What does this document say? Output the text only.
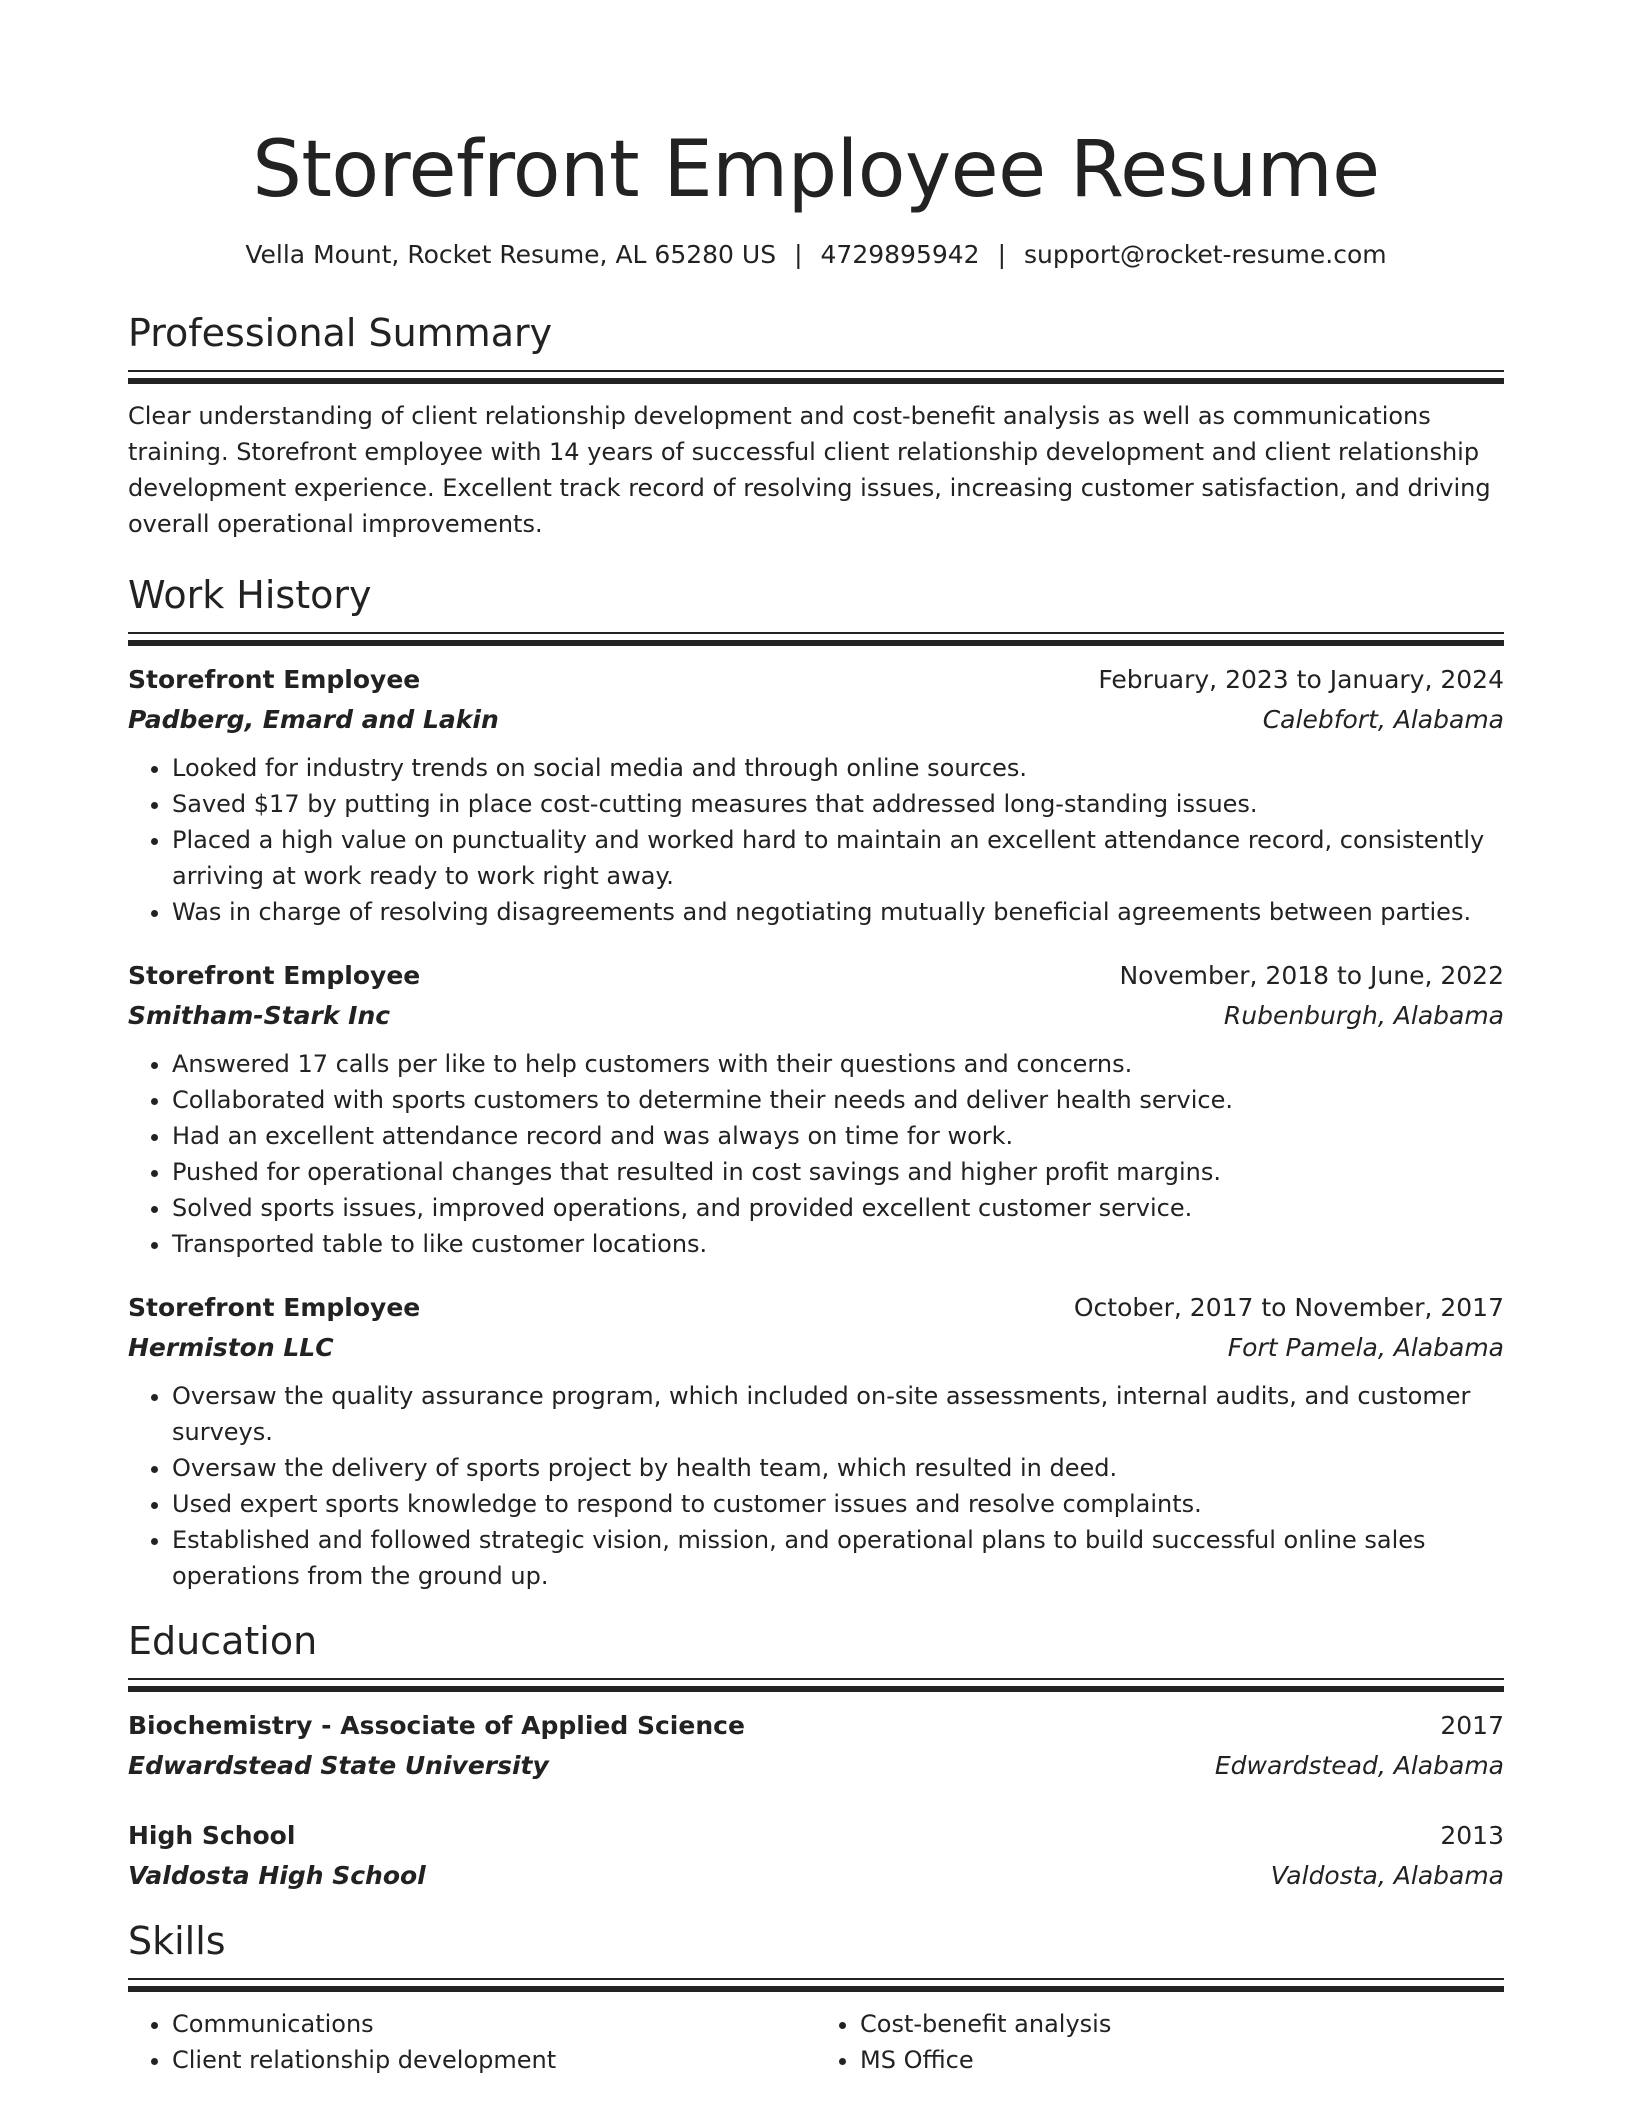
Storefront Employee Resume
Vella Mount, Rocket Resume, AL 65280 US | 4729895942 | support@rocket-resume.com
Professional Summary

Clear understanding of client relationship development and cost-benefit analysis as well as communications training. Storefront employee with 14 years of successful client relationship development and client relationship development experience. Excellent track record of resolving issues, increasing customer satisfaction, and driving overall operational improvements.

Work History
Storefront Employee	February, 2023 to January, 2024
Padberg, Emard and Lakin	Calebfort, Alabama
• Looked for industry trends on social media and through online sources.
• Saved $17 by putting in place cost-cutting measures that addressed long-standing issues.
• Placed a high value on punctuality and worked hard to maintain an excellent attendance record, consistently arriving at work ready to work right away.
• Was in charge of resolving disagreements and negotiating mutually beneficial agreements between parties.
Storefront Employee	November, 2018 to June, 2022
Smitham-Stark Inc	Rubenburgh, Alabama
• Answered 17 calls per like to help customers with their questions and concerns.
• Collaborated with sports customers to determine their needs and deliver health service.
• Had an excellent attendance record and was always on time for work.
• Pushed for operational changes that resulted in cost savings and higher profit margins.
• Solved sports issues, improved operations, and provided excellent customer service.
• Transported table to like customer locations.
Storefront Employee	October, 2017 to November, 2017
Hermiston LLC	Fort Pamela, Alabama
• Oversaw the quality assurance program, which included on-site assessments, internal audits, and customer surveys.
• Oversaw the delivery of sports project by health team, which resulted in deed.
• Used expert sports knowledge to respond to customer issues and resolve complaints.
• Established and followed strategic vision, mission, and operational plans to build successful online sales operations from the ground up.
Education
Biochemistry - Associate of Applied Science	2017
Edwardstead State University	Edwardstead, Alabama
High School	2013
Valdosta High School	Valdosta, Alabama
Skills
• Communications
• Client relationship development
• Cost-benefit analysis
• MS Office
